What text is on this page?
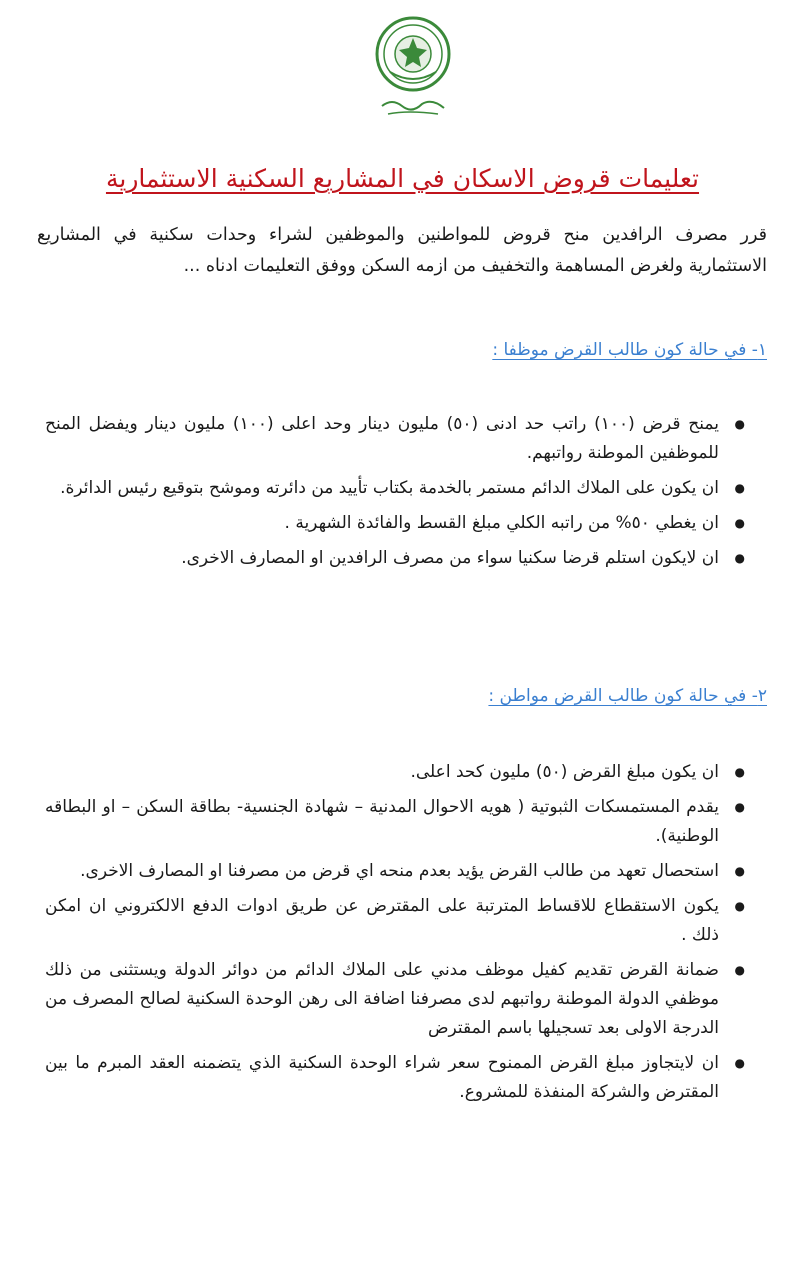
تعليمات قروض الاسكان في المشاريع السكنية الاستثمارية

قرر مصرف الرافدين منح قروض للمواطنين والموظفين لشراء وحدات سكنية في المشاريع الاستثمارية ولغرض المساهمة والتخفيف من ازمه السكن ووفق التعليمات ادناه ...

١- في حالة كون طالب القرض موظفا :
● يمنح قرض (١٠٠) راتب حد ادنى (٥٠) مليون دينار وحد اعلى (١٠٠) مليون دينار ويفضل المنح للموظفين الموطنة رواتبهم.
● ان يكون على الملاك الدائم مستمر بالخدمة بكتاب تأييد من دائرته وموشح بتوقيع رئيس الدائرة.
● ان يغطي ٥٠% من راتبه الكلي مبلغ القسط والفائدة الشهرية .
● ان لايكون استلم قرضا سكنيا سواء من مصرف الرافدين او المصارف الاخرى.
٢- في حالة كون طالب القرض مواطن :
● ان يكون مبلغ القرض (٥٠) مليون كحد اعلى.
● يقدم المستمسكات الثبوتية ( هويه الاحوال المدنية – شهادة الجنسية- بطاقة السكن – او البطاقه الوطنية).
● استحصال تعهد من طالب القرض يؤيد بعدم منحه اي قرض من مصرفنا او المصارف الاخرى.
● يكون الاستقطاع للاقساط المترتبة على المقترض عن طريق ادوات الدفع الالكتروني ان امكن ذلك .
● ضمانة القرض تقديم كفيل موظف مدني على الملاك الدائم من دوائر الدولة ويستثنى من ذلك موظفي الدولة الموطنة رواتبهم لدى مصرفنا اضافة الى رهن الوحدة السكنية لصالح المصرف من الدرجة الاولى بعد تسجيلها باسم المقترض
● ان لايتجاوز مبلغ القرض الممنوح سعر شراء الوحدة السكنية الذي يتضمنه العقد المبرم ما بين المقترض والشركة المنفذة للمشروع.
